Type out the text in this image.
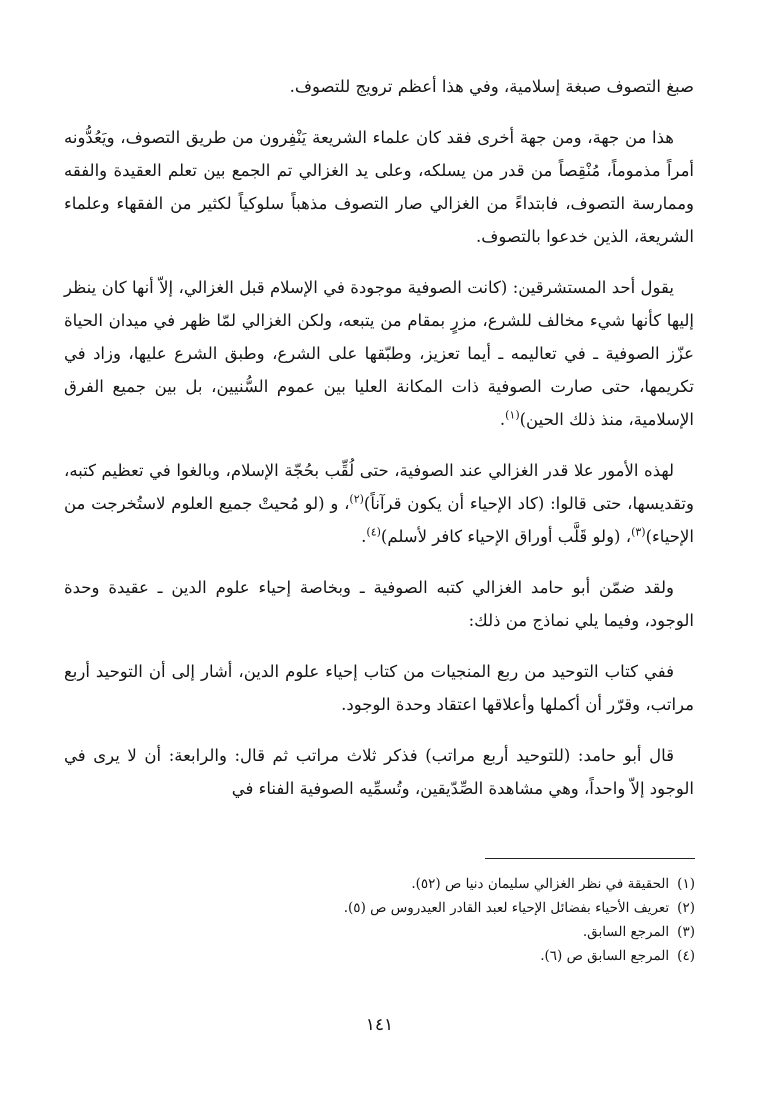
صبغ التصوف صبغة إسلامية، وفي هذا أعظم ترويج للتصوف.

هذا من جهة، ومن جهة أخرى فقد كان علماء الشريعة يَنْفِرون من طريق التصوف، ويَعُدُّونه أمراً مذموماً، مُنْقِصاً من قدر من يسلكه، وعلى يد الغزالي تم الجمع بين تعلم العقيدة والفقه وممارسة التصوف، فابتداءً من الغزالي صار التصوف مذهباً سلوكياً لكثير من الفقهاء وعلماء الشريعة، الذين خدعوا بالتصوف.

يقول أحد المستشرقين: (كانت الصوفية موجودة في الإسلام قبل الغزالي، إلاّ أنها كان ينظر إليها كأنها شيء مخالف للشرع، مزرٍ بمقام من يتبعه، ولكن الغزالي لمّا ظهر في ميدان الحياة عزّز الصوفية ـ في تعاليمه ـ أيما تعزيز، وطبّقها على الشرع، وطبق الشرع عليها، وزاد في تكريمها، حتى صارت الصوفية ذات المكانة العليا بين عموم السُّنيين، بل بين جميع الفرق الإسلامية، منذ ذلك الحين)$^{(١)}$.

لهذه الأمور علا قدر الغزالي عند الصوفية، حتى لُقِّب بحُجّة الإسلام، وبالغوا في تعظيم كتبه، وتقديسها، حتى قالوا: (كاد الإحياء أن يكون قرآناً)$^{(٢)}$، و (لو مُحيتْ جميع العلوم لاستُخرجت من الإحياء)$^{(٣)}$، (ولو قَلَّب أوراق الإحياء كافر لأسلم)$^{(٤)}$.

ولقد ضمّن أبو حامد الغزالي كتبه الصوفية ـ وبخاصة إحياء علوم الدين ـ عقيدة وحدة الوجود، وفيما يلي نماذج من ذلك:

ففي كتاب التوحيد من ربع المنجيات من كتاب إحياء علوم الدين، أشار إلى أن التوحيد أربع مراتب، وقرّر أن أكملها وأعلاقها اعتقاد وحدة الوجود.

قال أبو حامد: (للتوحيد أربع مراتب) فذكر ثلاث مراتب ثم قال: والرابعة: أن لا يرى في الوجود إلاّ واحداً، وهي مشاهدة الصِّدّيقين، وتُسمِّيه الصوفية الفناء في

(١)الحقيقة في نظر الغزالي سليمان دنيا ص (٥٢).
(٢)تعريف الأحياء بفضائل الإحياء لعبد القادر العيدروس ص (٥).
(٣)المرجع السابق.
(٤)المرجع السابق ص (٦).
١٤١
